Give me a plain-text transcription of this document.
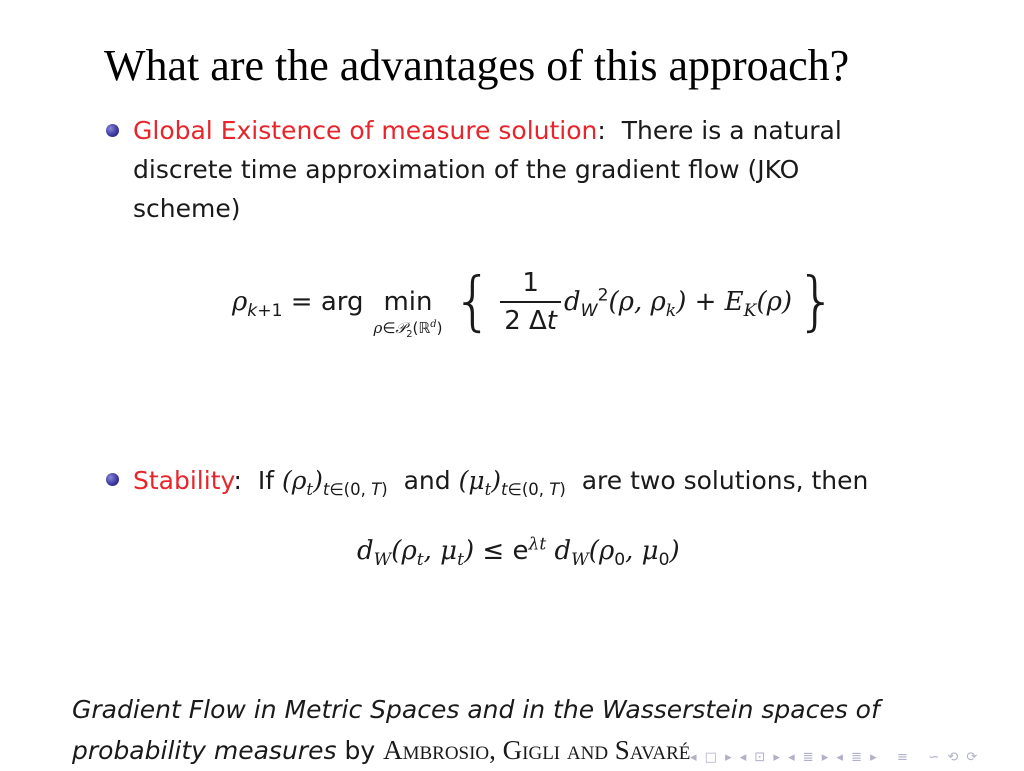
What are the advantages of this approach?
Global Existence of measure solution: There is a natural
discrete time approximation of the gradient flow (JKO
scheme)
$\rho_{k+1}$ = arg min
ρ∈𝒫$_2$(ℝ$^d$) { $\frac{1}{2 \Delta t} d_W^2(\rho$, $\rho_k) + E_K(\rho)$ }
Stability: If $(\rho_t)_{t\in(0, T)}$ and $(\mu_t)_{t\in(0, T)}$ are two solutions, then
$d_W(\rho_t$, $\mu_t) \le e^{\lambda t}$ $d_W(\rho_0$, $\mu_0$)
Gradient Flow in Metric Spaces and in the Wasserstein spaces of
probability measures by Ambrosio, Gigli and Savaré ◂ □ ▸ ◂ ⊡ ▸ ◂ ≣ ▸ ◂ ≣ ▸   ≡   ∽ ⟲ ⟳
